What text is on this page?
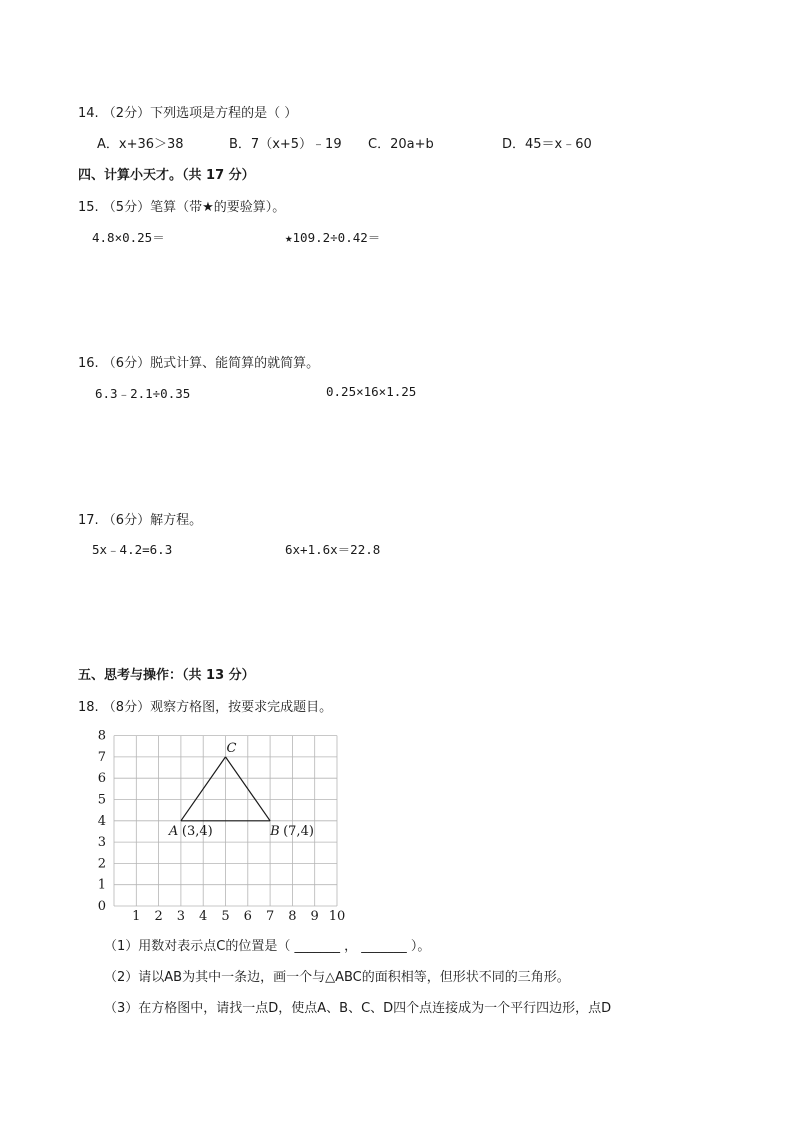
14. （2分）下列选项是方程的是（ ）
A．x+36＞38	B．7（x+5）﹣19 C．20a+b	D．45＝x﹣60
四、计算小天才。（共 17 分）
15. （5分）笔算（带★的要验算）。
4.8×0.25＝	★109.2÷0.42＝
16. （6分）脱式计算、能简算的就简算。
6.3﹣2.1÷0.35	0.25×16×1.25
17. （6分）解方程。
5x﹣4.2=6.3	6x+1.6x＝22.8
五、思考与操作：（共 13 分）
18. （8分）观察方格图，按要求完成题目。
1 2 3 4 5 6 7 8 9 10
0
1
2
3
4
5
6
7
8
A (3,4)	B (7,4)
C
（1）用数对表示点C的位置是（ _______ ， _______ ）。
（2）请以AB为其中一条边，画一个与△ABC的面积相等，但形状不同的三角形。
（3）在方格图中，请找一点D，使点A、B、C、D四个点连接成为一个平行四边形，点D
